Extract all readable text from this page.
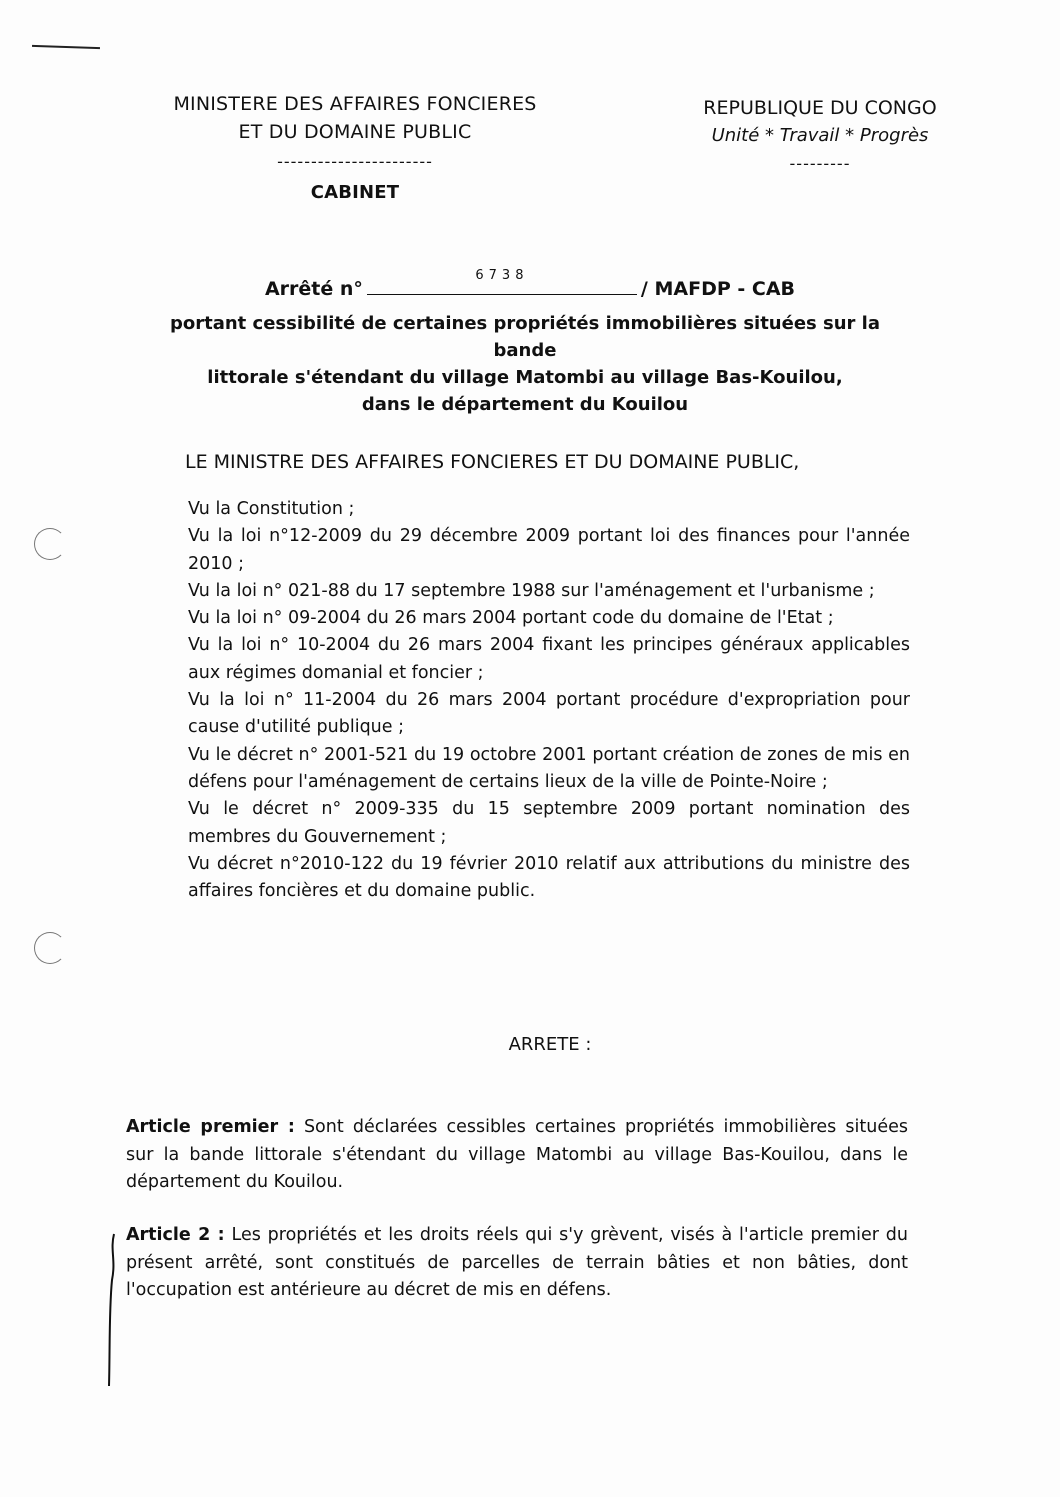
MINISTERE DES AFFAIRES FONCIERES
ET DU DOMAINE PUBLIC
-----------------------
CABINET
REPUBLIQUE DU CONGO
Unité * Travail * Progrès
---------
Arrêté n°
6738
/ MAFDP - CAB
portant cessibilité de certaines propriétés immobilières situées sur la bande
littorale s'étendant du village Matombi au village Bas-Kouilou,
dans le département du Kouilou
LE MINISTRE DES AFFAIRES FONCIERES ET DU DOMAINE PUBLIC,

Vu la Constitution ;

Vu la loi n°12-2009 du 29 décembre 2009 portant loi des finances pour l'année 2010 ;

Vu la loi n° 021-88 du 17 septembre 1988 sur l'aménagement et l'urbanisme ;

Vu la loi n° 09-2004 du 26 mars 2004 portant code du domaine de l'Etat ;

Vu la loi n° 10-2004 du 26 mars 2004 fixant les principes généraux applicables aux régimes domanial et foncier ;

Vu la loi n° 11-2004 du 26 mars 2004 portant procédure d'expropriation pour cause d'utilité publique ;

Vu le décret n° 2001-521 du 19 octobre 2001 portant création de zones de mis en défens pour l'aménagement de certains lieux de la ville de Pointe-Noire ;

Vu le décret n° 2009-335 du 15 septembre 2009 portant nomination des membres du Gouvernement ;

Vu décret n°2010-122 du 19 février 2010 relatif aux attributions du ministre des affaires foncières et du domaine public.

ARRETE :
Article premier : Sont déclarées cessibles certaines propriétés immobilières situées sur la bande littorale s'étendant du village Matombi au village Bas-Kouilou, dans le département du Kouilou.
Article 2 : Les propriétés et les droits réels qui s'y grèvent, visés à l'article premier du présent arrêté, sont constitués de parcelles de terrain bâties et non bâties, dont l'occupation est antérieure au décret de mis en défens.
